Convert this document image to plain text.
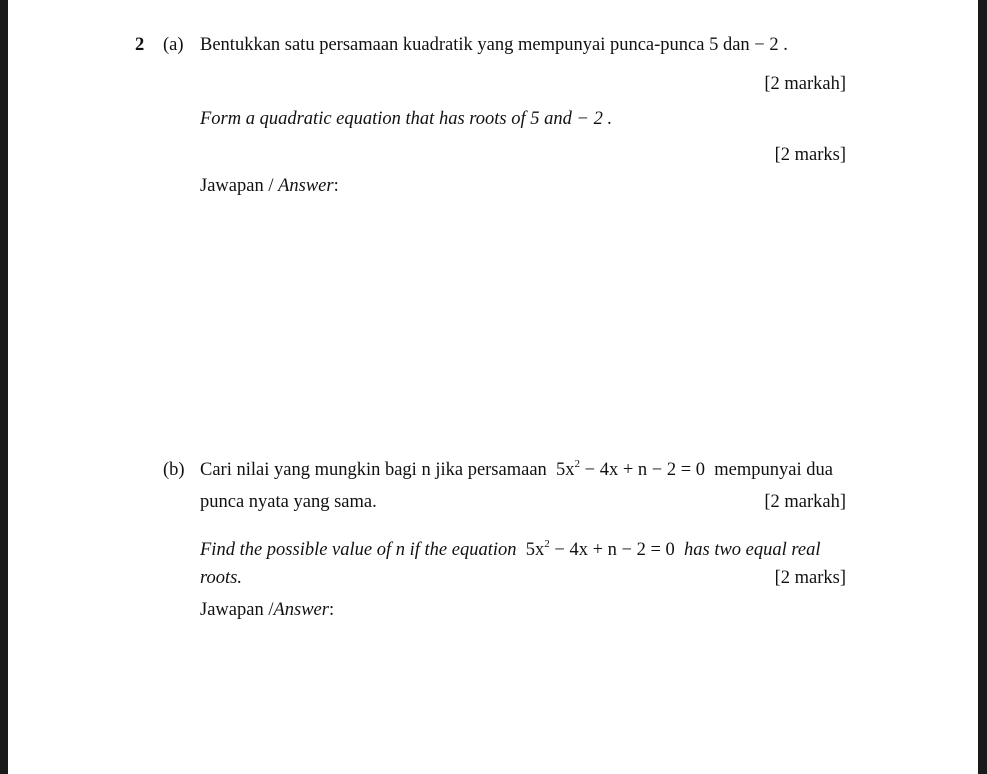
2 (a) Bentukkan satu persamaan kuadratik yang mempunyai punca-punca 5 dan − 2 .
[2 markah]
Form a quadratic equation that has roots of 5 and − 2 .
[2 marks]
Jawapan / Answer:
(b) Cari nilai yang mungkin bagi n jika persamaan $5x^2 - 4x + n - 2 = 0$ mempunyai dua
punca nyata yang sama.	[2 markah]
Find the possible value of n if the equation $5x^2 - 4x + n - 2 = 0$ has two equal real
roots.	[2 marks]
Jawapan /Answer:
